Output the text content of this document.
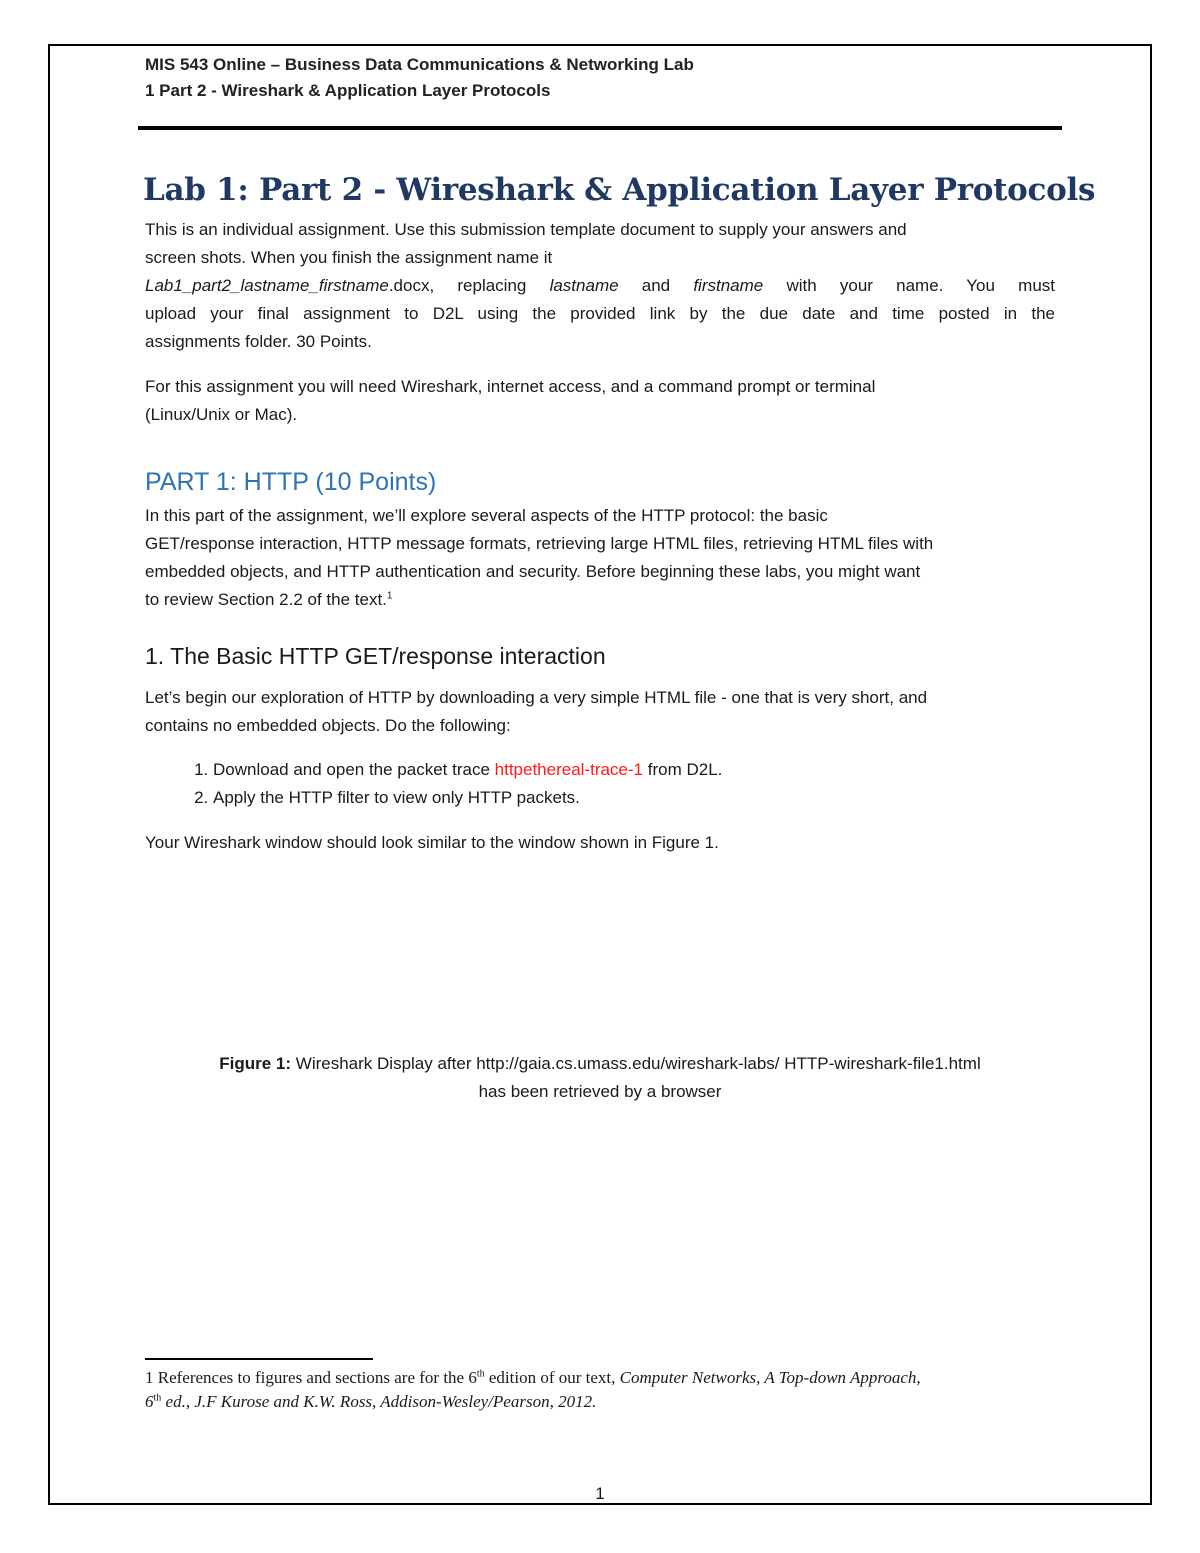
MIS 543 Online – Business Data Communications & Networking Lab
1 Part 2 - Wireshark & Application Layer Protocols
Lab 1: Part 2 - Wireshark & Application Layer Protocols
This is an individual assignment. Use this submission template document to supply your answers and
screen shots. When you finish the assignment name it
Lab1_part2_lastname_firstname.docx, replacing lastname and firstname with your name. You must
upload your final assignment to D2L using the provided link by the due date and time posted in the
assignments folder. 30 Points.
For this assignment you will need Wireshark, internet access, and a command prompt or terminal
(Linux/Unix or Mac).
PART 1: HTTP (10 Points)
In this part of the assignment, we’ll explore several aspects of the HTTP protocol: the basic
GET/response interaction, HTTP message formats, retrieving large HTML files, retrieving HTML files with
embedded objects, and HTTP authentication and security. Before beginning these labs, you might want
to review Section 2.2 of the text.$^1$
1. The Basic HTTP GET/response interaction
Let’s begin our exploration of HTTP by downloading a very simple HTML file - one that is very short, and
contains no embedded objects. Do the following:
1. Download and open the packet trace httpethereal-trace-1 from D2L.
2. Apply the HTTP filter to view only HTTP packets.
Your Wireshark window should look similar to the window shown in Figure 1.
Figure 1: Wireshark Display after http://gaia.cs.umass.edu/wireshark-labs/ HTTP-wireshark-file1.html
has been retrieved by a browser
1 References to figures and sections are for the 6th edition of our text, Computer Networks, A Top-down Approach,
6th ed., J.F Kurose and K.W. Ross, Addison-Wesley/Pearson, 2012.
1
